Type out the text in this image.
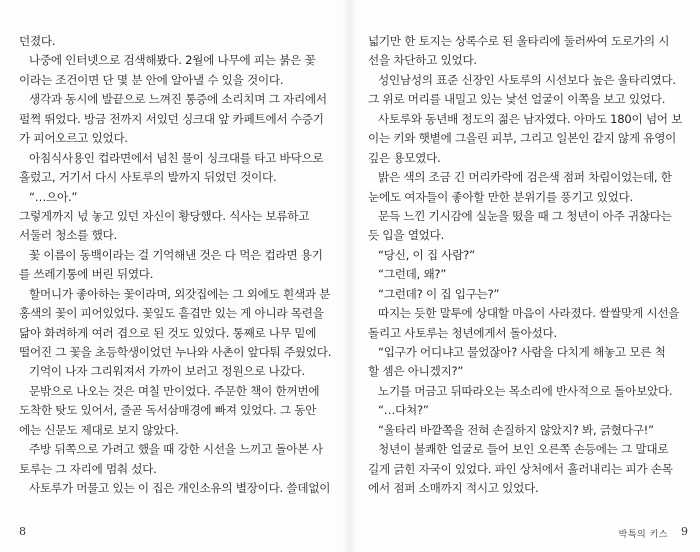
던졌다.
나중에 인터넷으로 검색해봤다. 2월에 나무에 피는 붉은 꽃
이라는 조건이면 단 몇 분 안에 알아낼 수 있을 것이다.
생각과 동시에 발끝으로 느껴진 통증에 소리치며 그 자리에서
펄쩍 뛰었다. 방금 전까지 서있던 싱크대 앞 카페트에서 수증기
가 피어오르고 있었다.
아침식사용인 컵라면에서 넘친 물이 싱크대를 타고 바닥으로
흘렀고, 거기서 다시 사토루의 발까지 뒤었던 것이다.
“…으아.”
그렇게까지 넋 놓고 있던 자신이 황당했다. 식사는 보류하고
서둘러 청소를 했다.
꽃 이름이 동백이라는 걸 기억해낸 것은 다 먹은 컵라면 용기
를 쓰레기통에 버린 뒤였다.
할머니가 좋아하는 꽃이라며, 외갓집에는 그 외에도 흰색과 분
홍색의 꽃이 피어있었다. 꽃잎도 흩겹만 있는 게 아니라 목련을
닮아 화려하게 여러 겹으로 된 것도 있었다. 통째로 나무 밑에
떨어진 그 꽃을 초등학생이었던 누나와 사촌이 앞다퉈 주웠었다.
기억이 나자 그리워져서 가까이 보러고 정원으로 나갔다.
문밖으로 나오는 것은 며칠 만이었다. 주문한 책이 한꺼번에
도착한 탓도 있어서, 줄곧 독서삼매경에 빠져 있었다. 그 동안
에는 신문도 제대로 보지 않았다.
주방 뒤쪽으로 가려고 했을 때 강한 시선을 느끼고 돌아본 사
토루는 그 자리에 멈춰 섰다.
사토루가 머물고 있는 이 집은 개인소유의 별장이다. 쓸데없이
8
넓기만 한 토지는 상록수로 된 울타리에 둘러싸여 도로가의 시
선을 차단하고 있었다.
성인남성의 표준 신장인 사토루의 시선보다 높은 울타리였다.
그 위로 머리를 내밀고 있는 낯선 얼굴이 이쪽을 보고 있었다.
사토루와 동년배 정도의 젊은 남자였다. 아마도 180이 넘어 보
이는 키와 햇볕에 그을린 피부, 그리고 일본인 같지 않게 유영이
깊은 용모였다.
밝은 색의 조금 긴 머리카락에 검은색 점퍼 차림이었는데, 한
눈에도 여자들이 좋아할 만한 분위기를 풍기고 있었다.
문득 느낀 기시감에 실눈을 떴을 때 그 청년이 아주 귀찮다는
듯 입을 열었다.
“당신, 이 집 사람?”
“그런데, 왜?”
“그런데? 이 집 입구는?”
따지는 듯한 말투에 상대할 마음이 사라졌다. 쌀쌀맞게 시선을
돌리고 사토루는 청년에게서 돌아섰다.
“입구가 어디냐고 물었잖아? 사람을 다치게 해놓고 모른 척
할 셈은 아니겠지?”
노기를 머금고 뒤따라오는 목소리에 반사적으로 돌아보았다.
“…다쳐?”
“울타리 바깥쪽을 전혀 손질하지 않았지? 봐, 긁혔다구!”
청년이 불쾌한 얼굴로 들어 보인 오른쪽 손등에는 그 말대로
길게 긁힌 자국이 있었다. 파인 상처에서 흘러내리는 피가 손목
에서 점퍼 소매까지 적시고 있었다.
박특의 키스 9
